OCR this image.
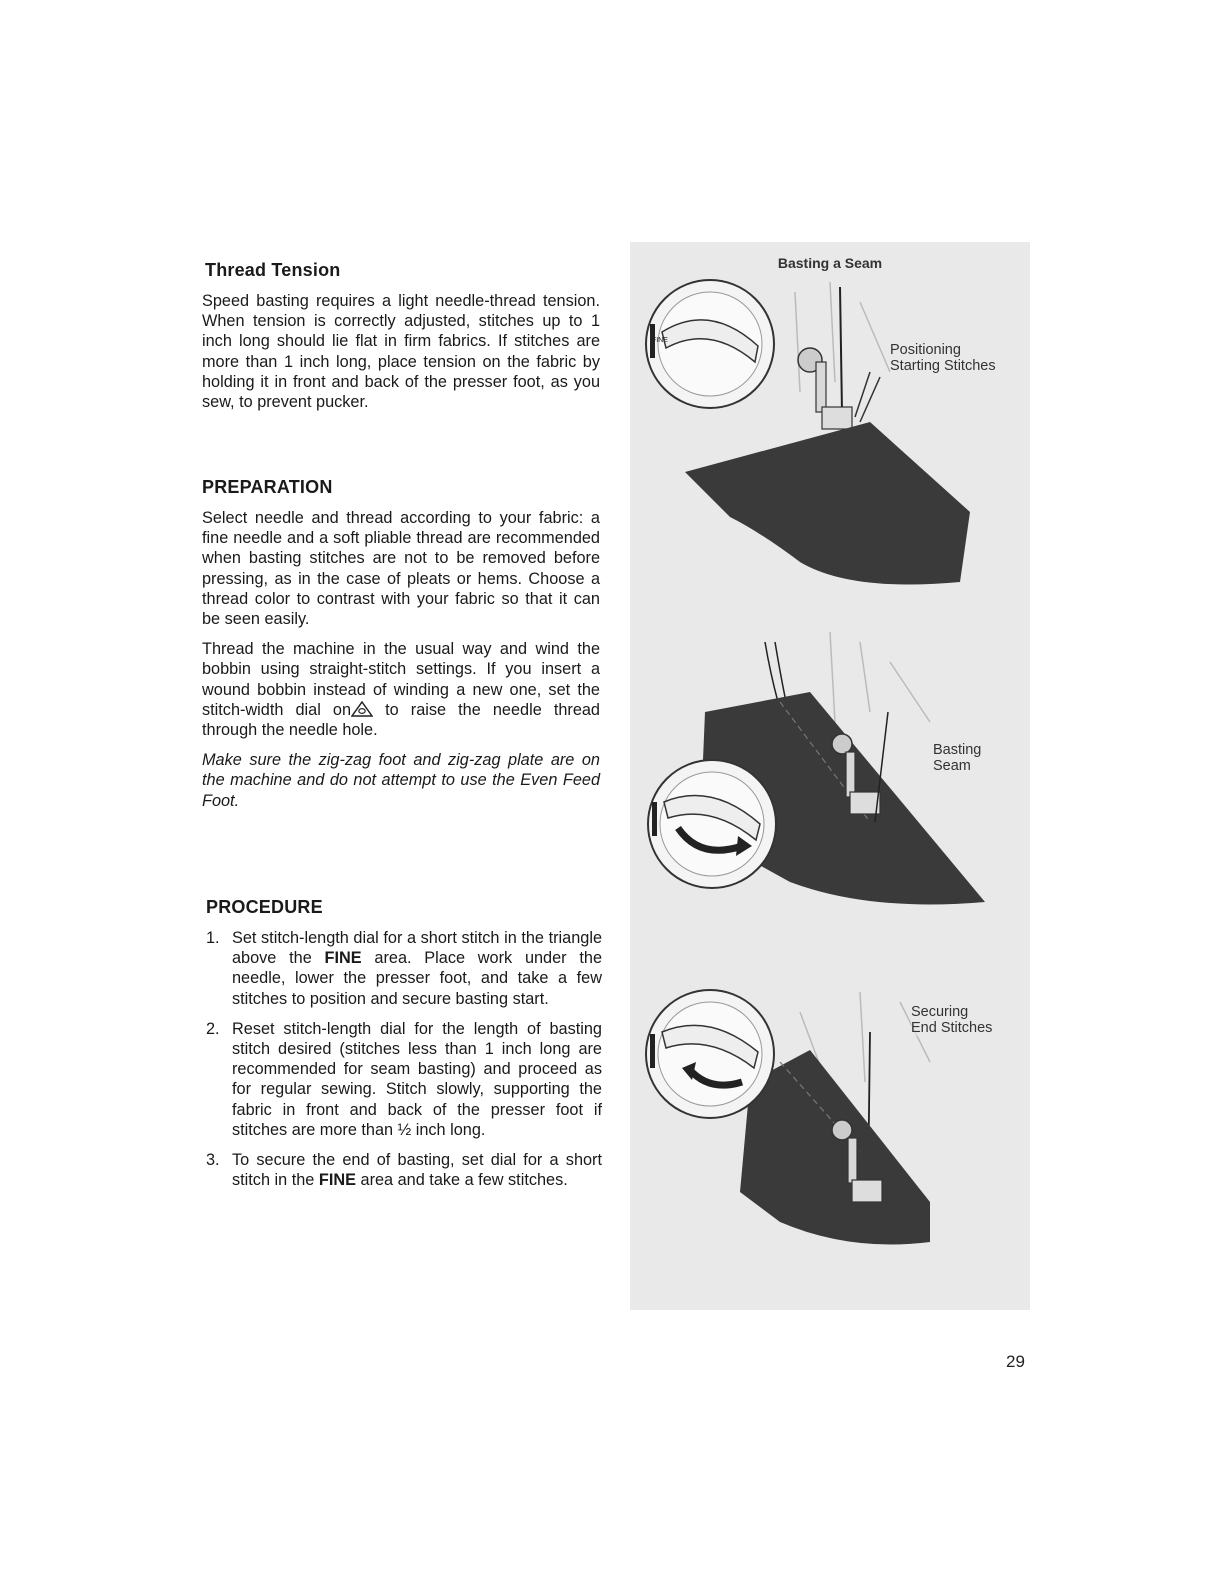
Thread Tension

Speed basting requires a light needle-thread tension. When tension is correctly adjusted, stitches up to 1 inch long should lie flat in firm fabrics. If stitches are more than 1 inch long, place tension on the fabric by holding it in front and back of the presser foot, as you sew, to prevent pucker.

PREPARATION

Select needle and thread according to your fabric: a fine needle and a soft pliable thread are recommended when basting stitches are not to be removed before pressing, as in the case of pleats or hems. Choose a thread color to contrast with your fabric so that it can be seen easily.

Thread the machine in the usual way and wind the bobbin using straight-stitch settings. If you insert a wound bobbin instead of winding a new one, set the stitch-width dial on to raise the needle thread through the needle hole.

Make sure the zig-zag foot and zig-zag plate are on the machine and do not attempt to use the Even Feed Foot.

PROCEDURE
1. Set stitch-length dial for a short stitch in the triangle above the FINE area. Place work under the needle, lower the presser foot, and take a few stitches to position and secure basting start.
2. Reset stitch-length dial for the length of basting stitch desired (stitches less than 1 inch long are recommended for seam basting) and proceed as for regular sewing. Stitch slowly, supporting the fabric in front and back of the presser foot if stitches are more than ½ inch long.
3. To secure the end of basting, set dial for a short stitch in the FINE area and take a few stitches.
Basting a Seam
FINE
Positioning
Starting Stitches
Basting
Seam
Securing
End Stitches
29
